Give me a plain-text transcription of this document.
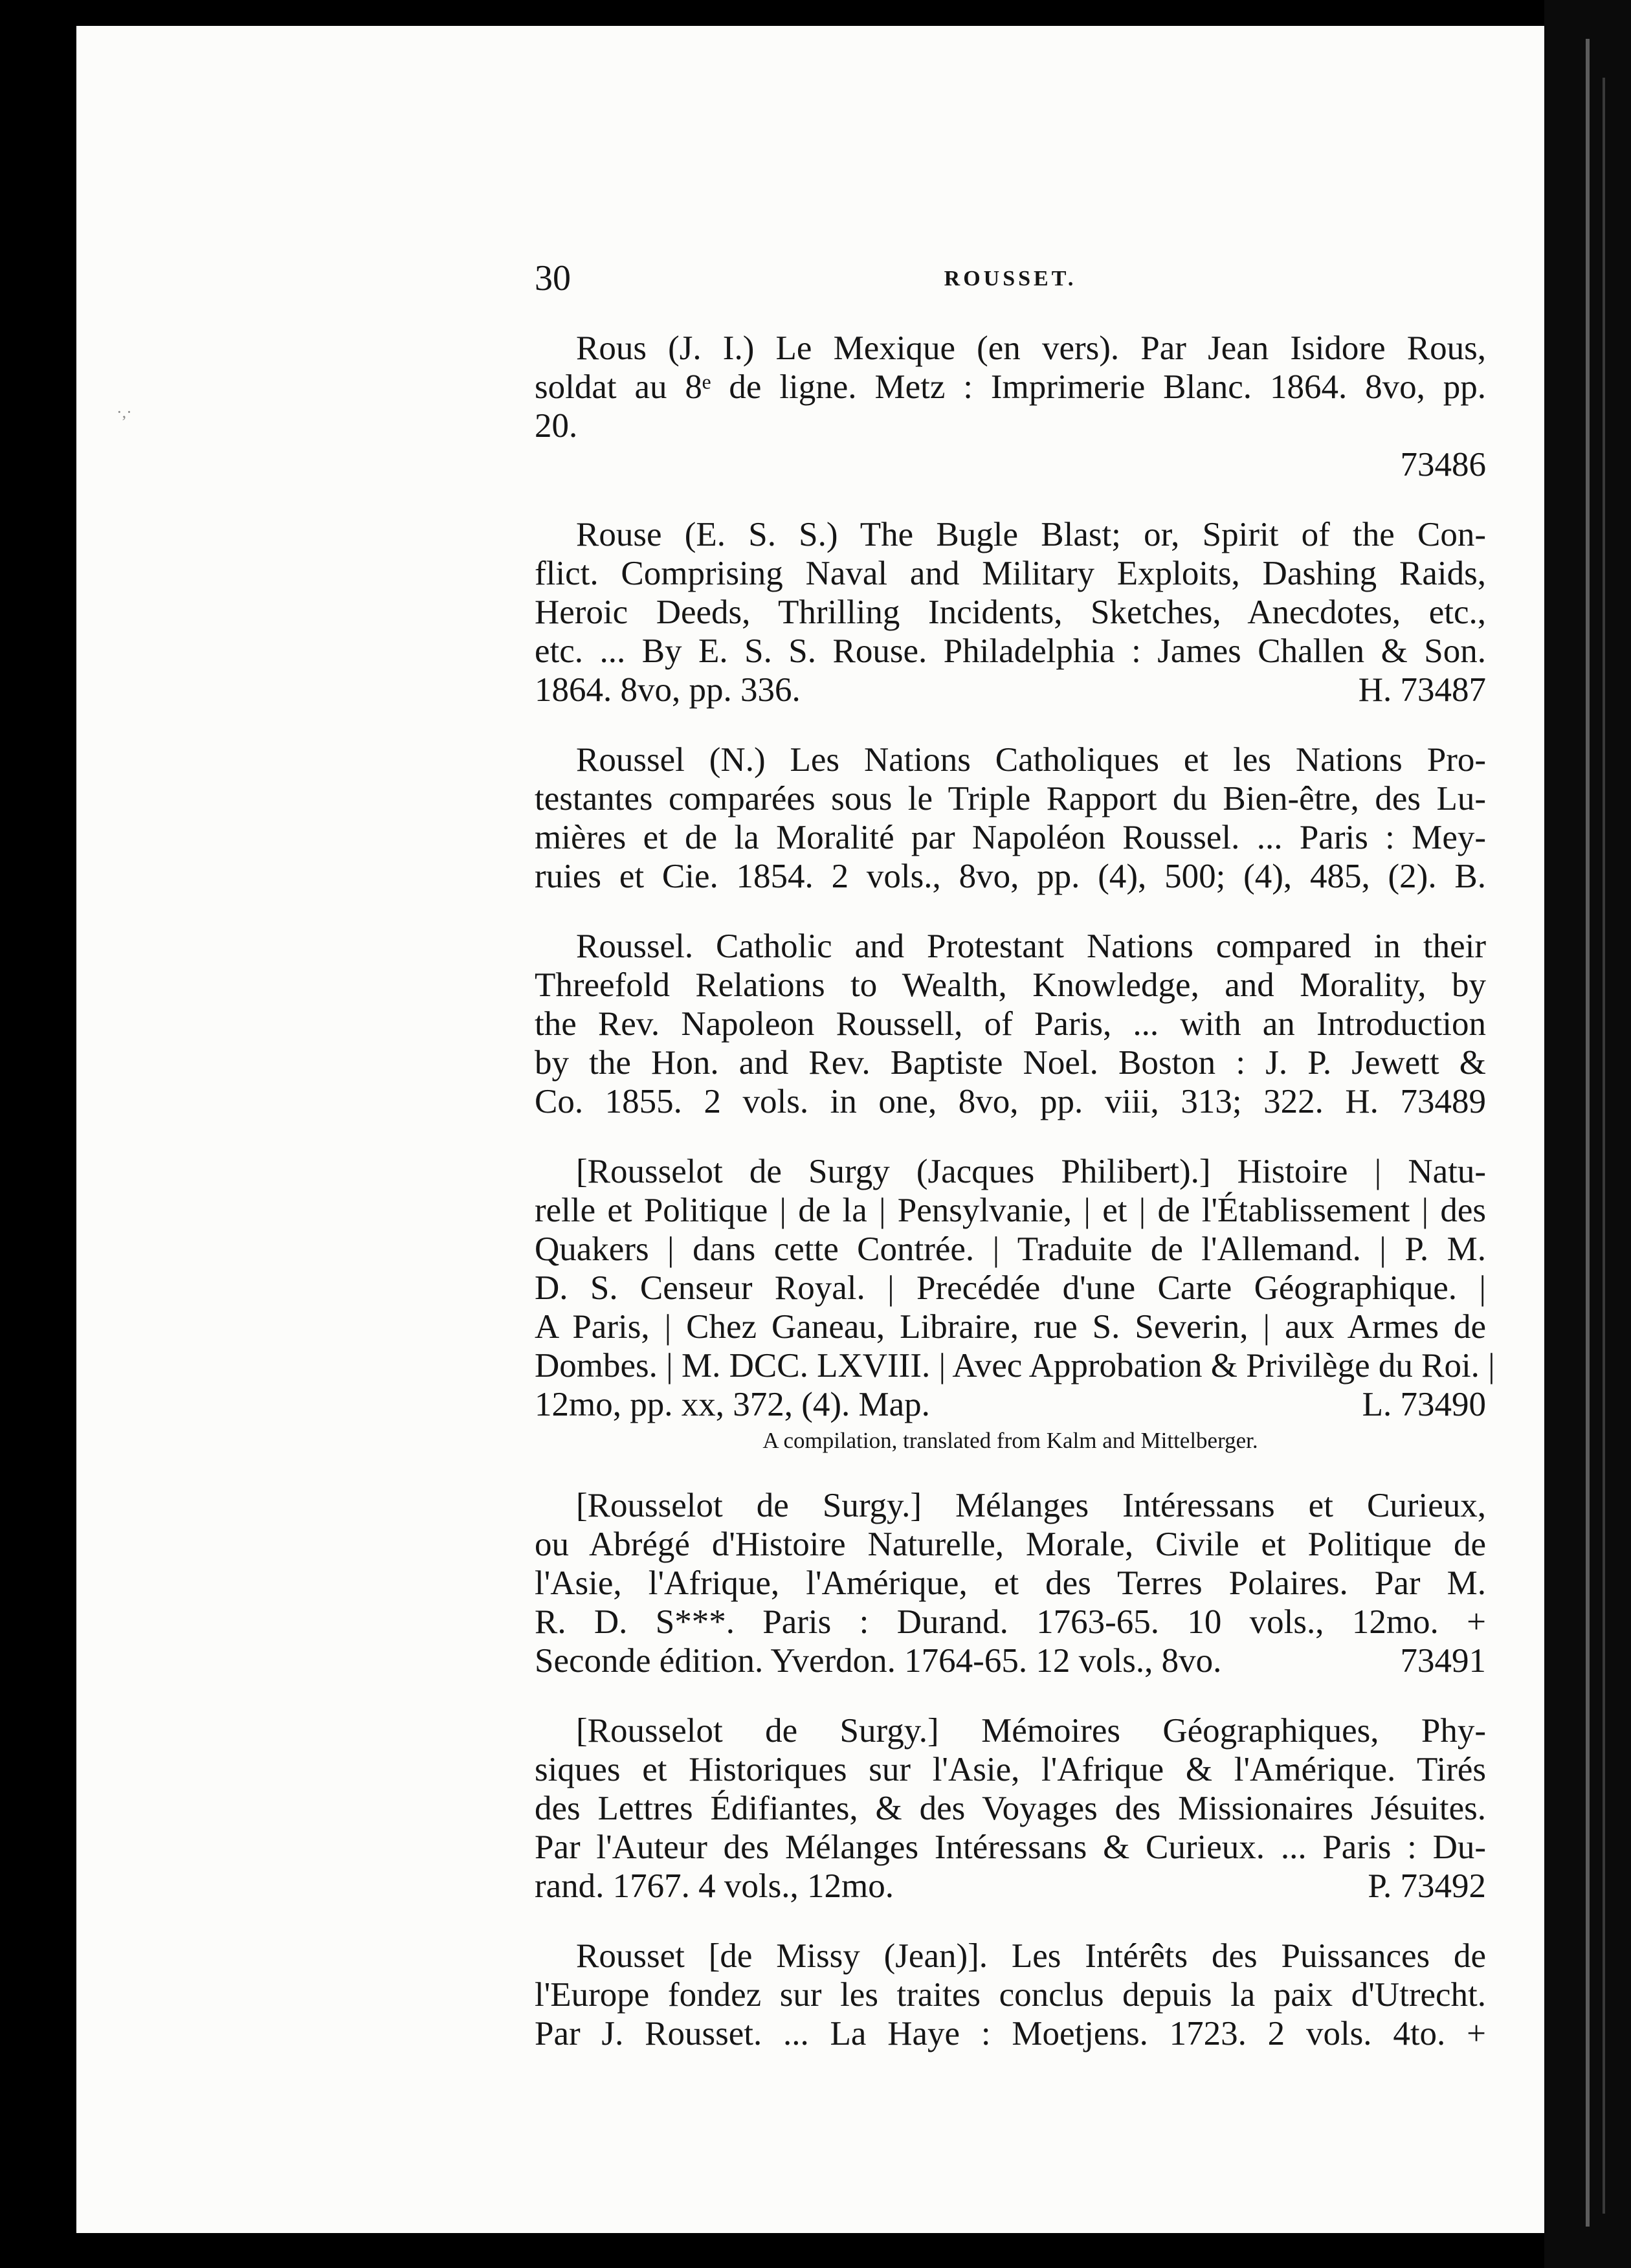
·,·
30	ROUSSET.
Rous (J. I.) Le Mexique (en vers). Par Jean Isidore Rous,
soldat au 8ᵉ de ligne. Metz : Imprimerie Blanc. 1864. 8vo, pp.
20.
73486
Rouse (E. S. S.) The Bugle Blast; or, Spirit of the Con-
flict. Comprising Naval and Military Exploits, Dashing Raids,
Heroic Deeds, Thrilling Incidents, Sketches, Anecdotes, etc.,
etc. ... By E. S. S. Rouse. Philadelphia : James Challen & Son.
1864. 8vo, pp. 336.	H. 73487
Roussel (N.) Les Nations Catholiques et les Nations Pro-
testantes comparées sous le Triple Rapport du Bien-être, des Lu-
mières et de la Moralité par Napoléon Roussel. ... Paris : Mey-
ruies et Cie. 1854. 2 vols., 8vo, pp. (4), 500; (4), 485, (2). B.
Roussel. Catholic and Protestant Nations compared in their
Threefold Relations to Wealth, Knowledge, and Morality, by
the Rev. Napoleon Roussell, of Paris, ... with an Introduction
by the Hon. and Rev. Baptiste Noel. Boston : J. P. Jewett &
Co. 1855. 2 vols. in one, 8vo, pp. viii, 313; 322. H. 73489
[Rousselot de Surgy (Jacques Philibert).] Histoire | Natu-
relle et Politique | de la | Pensylvanie, | et | de l'Établissement | des
Quakers | dans cette Contrée. | Traduite de l'Allemand. | P. M.
D. S. Censeur Royal. | Precédée d'une Carte Géographique. |
A Paris, | Chez Ganeau, Libraire, rue S. Severin, | aux Armes de
Dombes. | M. DCC. LXVIII. | Avec Approbation & Privilège du Roi. |
12mo, pp. xx, 372, (4). Map.	L. 73490
A compilation, translated from Kalm and Mittelberger.
[Rousselot de Surgy.] Mélanges Intéressans et Curieux,
ou Abrégé d'Histoire Naturelle, Morale, Civile et Politique de
l'Asie, l'Afrique, l'Amérique, et des Terres Polaires. Par M.
R. D. S***. Paris : Durand. 1763-65. 10 vols., 12mo. +
Seconde édition. Yverdon. 1764-65. 12 vols., 8vo.	73491
[Rousselot de Surgy.] Mémoires Géographiques, Phy-
siques et Historiques sur l'Asie, l'Afrique & l'Amérique. Tirés
des Lettres Édifiantes, & des Voyages des Missionaires Jésuites.
Par l'Auteur des Mélanges Intéressans & Curieux. ... Paris : Du-
rand. 1767. 4 vols., 12mo.	P. 73492
Rousset [de Missy (Jean)]. Les Intérêts des Puissances de
l'Europe fondez sur les traites conclus depuis la paix d'Utrecht.
Par J. Rousset. ... La Haye : Moetjens. 1723. 2 vols. 4to. +
